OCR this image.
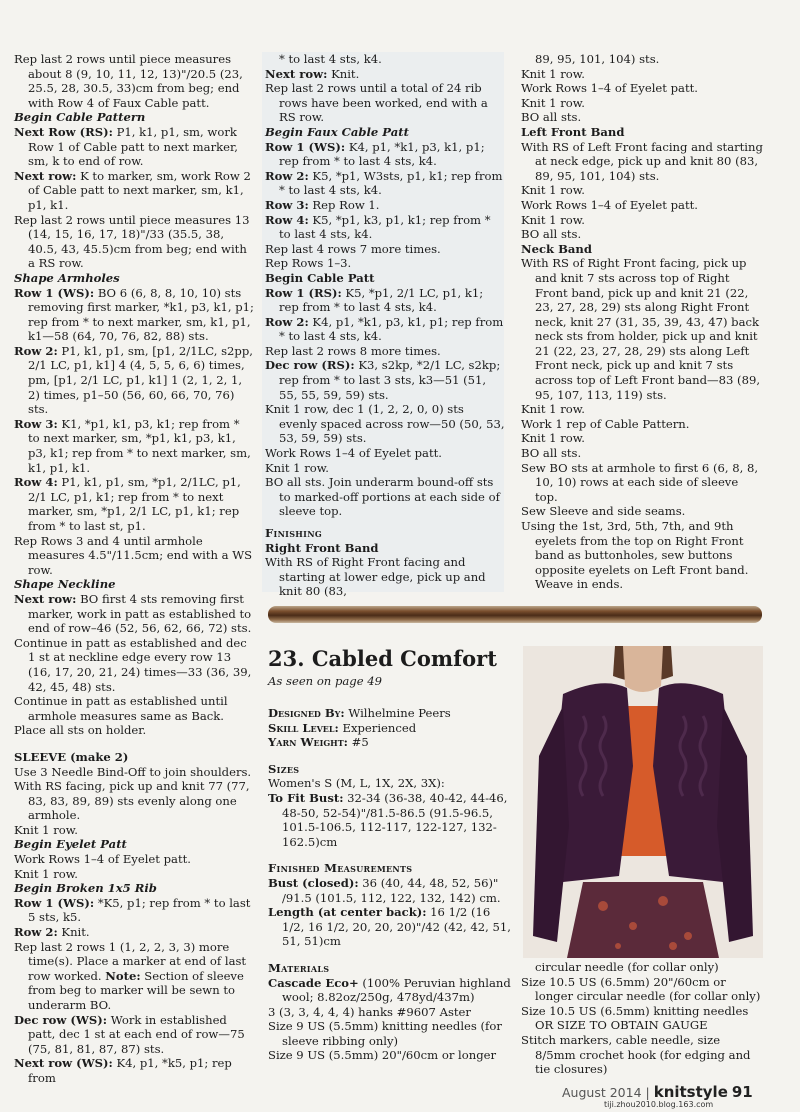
Rep last 2 rows until piece measures about 8 (9, 10, 11, 12, 13)"/20.5 (23, 25.5, 28, 30.5, 33)cm from beg; end with Row 4 of Faux Cable patt.

Begin Cable Pattern

Next Row (RS): P1, k1, p1, sm, work Row 1 of Cable patt to next marker, sm, k to end of row.

Next row: K to marker, sm, work Row 2 of Cable patt to next marker, sm, k1, p1, k1.

Rep last 2 rows until piece measures 13 (14, 15, 16, 17, 18)"/33 (35.5, 38, 40.5, 43, 45.5)cm from beg; end with a RS row.

Shape Armholes

Row 1 (WS): BO 6 (6, 8, 8, 10, 10) sts removing first marker, *k1, p3, k1, p1; rep from * to next marker, sm, k1, p1, k1—58 (64, 70, 76, 82, 88) sts.

Row 2: P1, k1, p1, sm, [p1, 2/1LC, s2pp, 2/1 LC, p1, k1] 4 (4, 5, 5, 6, 6) times, pm, [p1, 2/1 LC, p1, k1] 1 (2, 1, 2, 1, 2) times, p1–50 (56, 60, 66, 70, 76) sts.

Row 3: K1, *p1, k1, p3, k1; rep from * to next marker, sm, *p1, k1, p3, k1, p3, k1; rep from * to next marker, sm, k1, p1, k1.

Row 4: P1, k1, p1, sm, *p1, 2/1LC, p1, 2/1 LC, p1, k1; rep from * to next marker, sm, *p1, 2/1 LC, p1, k1; rep from * to last st, p1.

Rep Rows 3 and 4 until armhole measures 4.5"/11.5cm; end with a WS row.

Shape Neckline

Next row: BO first 4 sts removing first marker, work in patt as established to end of row–46 (52, 56, 62, 66, 72) sts.

Continue in patt as established and dec 1 st at neckline edge every row 13 (16, 17, 20, 21, 24) times—33 (36, 39, 42, 45, 48) sts.

Continue in patt as established until armhole measures same as Back.

Place all sts on holder.

SLEEVE (make 2)

Use 3 Needle Bind-Off to join shoulders.

With RS facing, pick up and knit 77 (77, 83, 83, 89, 89) sts evenly along one armhole.

Knit 1 row.

Begin Eyelet Patt

Work Rows 1–4 of Eyelet patt.

Knit 1 row.

Begin Broken 1x5 Rib

Row 1 (WS): *K5, p1; rep from * to last 5 sts, k5.

Row 2: Knit.

Rep last 2 rows 1 (1, 2, 2, 3, 3) more time(s). Place a marker at end of last row worked. Note: Section of sleeve from beg to marker will be sewn to underarm BO.

Dec row (WS): Work in established patt, dec 1 st at each end of row—75 (75, 81, 81, 87, 87) sts.

Next row (WS): K4, p1, *k5, p1; rep from

* to last 4 sts, k4.

Next row: Knit.

Rep last 2 rows until a total of 24 rib rows have been worked, end with a RS row.

Begin Faux Cable Patt

Row 1 (WS): K4, p1, *k1, p3, k1, p1; rep from * to last 4 sts, k4.

Row 2: K5, *p1, W3sts, p1, k1; rep from * to last 4 sts, k4.

Row 3: Rep Row 1.

Row 4: K5, *p1, k3, p1, k1; rep from * to last 4 sts, k4.

Rep last 4 rows 7 more times.

Rep Rows 1–3.

Begin Cable Patt

Row 1 (RS): K5, *p1, 2/1 LC, p1, k1; rep from * to last 4 sts, k4.

Row 2: K4, p1, *k1, p3, k1, p1; rep from * to last 4 sts, k4.

Rep last 2 rows 8 more times.

Dec row (RS): K3, s2kp, *2/1 LC, s2kp; rep from * to last 3 sts, k3—51 (51, 55, 55, 59, 59) sts.

Knit 1 row, dec 1 (1, 2, 2, 0, 0) sts evenly spaced across row—50 (50, 53, 53, 59, 59) sts.

Work Rows 1–4 of Eyelet patt.

Knit 1 row.

BO all sts. Join underarm bound-off sts to marked-off portions at each side of sleeve top.

Finishing

Right Front Band

With RS of Right Front facing and starting at lower edge, pick up and knit 80 (83,

89, 95, 101, 104) sts.

Knit 1 row.

Work Rows 1–4 of Eyelet patt.

Knit 1 row.

BO all sts.

Left Front Band

With RS of Left Front facing and starting at neck edge, pick up and knit 80 (83, 89, 95, 101, 104) sts.

Knit 1 row.

Work Rows 1–4 of Eyelet patt.

Knit 1 row.

BO all sts.

Neck Band

With RS of Right Front facing, pick up and knit 7 sts across top of Right Front band, pick up and knit 21 (22, 23, 27, 28, 29) sts along Right Front neck, knit 27 (31, 35, 39, 43, 47) back neck sts from holder, pick up and knit 21 (22, 23, 27, 28, 29) sts along Left Front neck, pick up and knit 7 sts across top of Left Front band—83 (89, 95, 107, 113, 119) sts.

Knit 1 row.

Work 1 rep of Cable Pattern.

Knit 1 row.

BO all sts.

Sew BO sts at armhole to first 6 (6, 8, 8, 10, 10) rows at each side of sleeve top.

Sew Sleeve and side seams.

Using the 1st, 3rd, 5th, 7th, and 9th eyelets from the top on Right Front band as buttonholes, sew buttons opposite eyelets on Left Front band.

Weave in ends.

23. Cabled Comfort
As seen on page 49

Designed By: Wilhelmine Peers

Skill Level: Experienced

Yarn Weight: #5

Sizes

Women's S (M, L, 1X, 2X, 3X):

To Fit Bust: 32-34 (36-38, 40-42, 44-46, 48-50, 52-54)"/81.5-86.5 (91.5-96.5, 101.5-106.5, 112-117, 122-127, 132-162.5)cm

Finished Measurements

Bust (closed): 36 (40, 44, 48, 52, 56)" /91.5 (101.5, 112, 122, 132, 142) cm.

Length (at center back): 16 1/2 (16 1/2, 16 1/2, 20, 20, 20)"/42 (42, 42, 51, 51, 51)cm

Materials

Cascade Eco+ (100% Peruvian highland wool; 8.82oz/250g, 478yd/437m)

3 (3, 3, 4, 4, 4) hanks #9607 Aster

Size 9 US (5.5mm) knitting needles (for sleeve ribbing only)

Size 9 US (5.5mm) 20"/60cm or longer

circular needle (for collar only)

Size 10.5 US (6.5mm) 20"/60cm or longer circular needle (for collar only)

Size 10.5 US (6.5mm) knitting needles OR SIZE TO OBTAIN GAUGE

Stitch markers, cable needle, size 8/5mm crochet hook (for edging and tie closures)

August 2014 | knitstyle 91
tiji.zhou2010.blog.163.com
